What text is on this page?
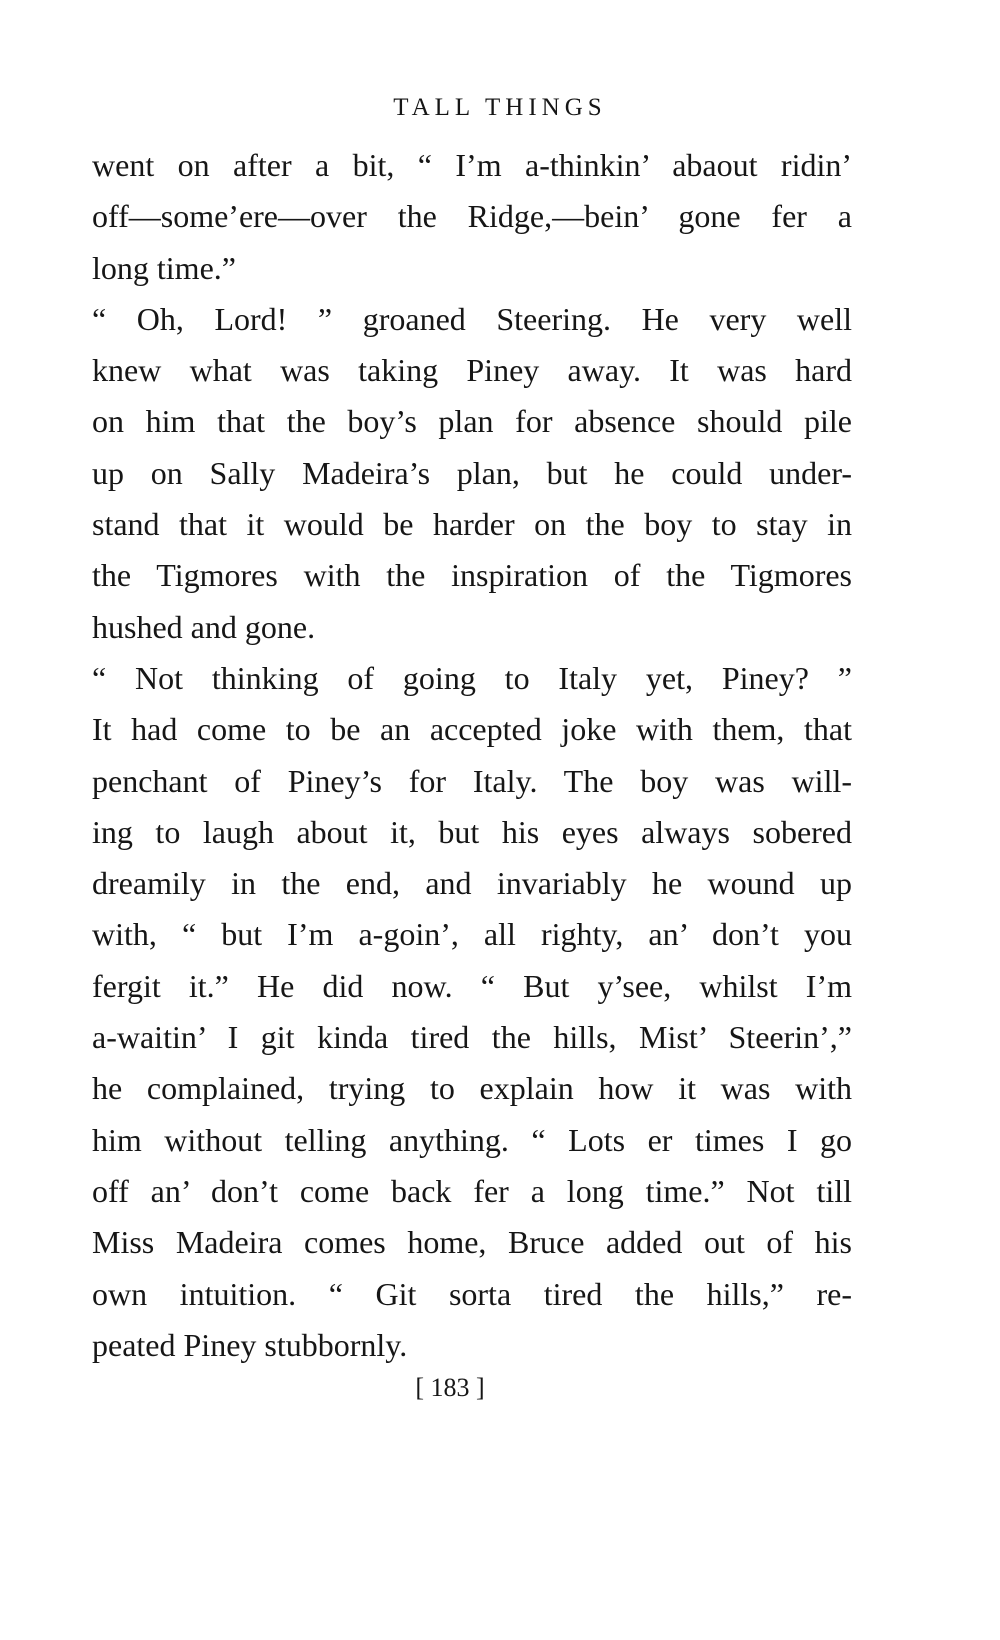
TALL THINGS
went on after a bit, “ I’m a-thinkin’ abaout ridin’
off—some’ere—over the Ridge,—bein’ gone fer a
long time.”
“ Oh, Lord! ” groaned Steering. He very well
knew what was taking Piney away. It was hard
on him that the boy’s plan for absence should pile
up on Sally Madeira’s plan, but he could under-
stand that it would be harder on the boy to stay in
the Tigmores with the inspiration of the Tigmores
hushed and gone.
“ Not thinking of going to Italy yet, Piney? ”
It had come to be an accepted joke with them, that
penchant of Piney’s for Italy. The boy was will-
ing to laugh about it, but his eyes always sobered
dreamily in the end, and invariably he wound up
with, “ but I’m a-goin’, all righty, an’ don’t you
fergit it.” He did now. “ But y’see, whilst I’m
a-waitin’ I git kinda tired the hills, Mist’ Steerin’,”
he complained, trying to explain how it was with
him without telling anything. “ Lots er times I go
off an’ don’t come back fer a long time.” Not till
Miss Madeira comes home, Bruce added out of his
own intuition. “ Git sorta tired the hills,” re-
peated Piney stubbornly.
[ 183 ]
